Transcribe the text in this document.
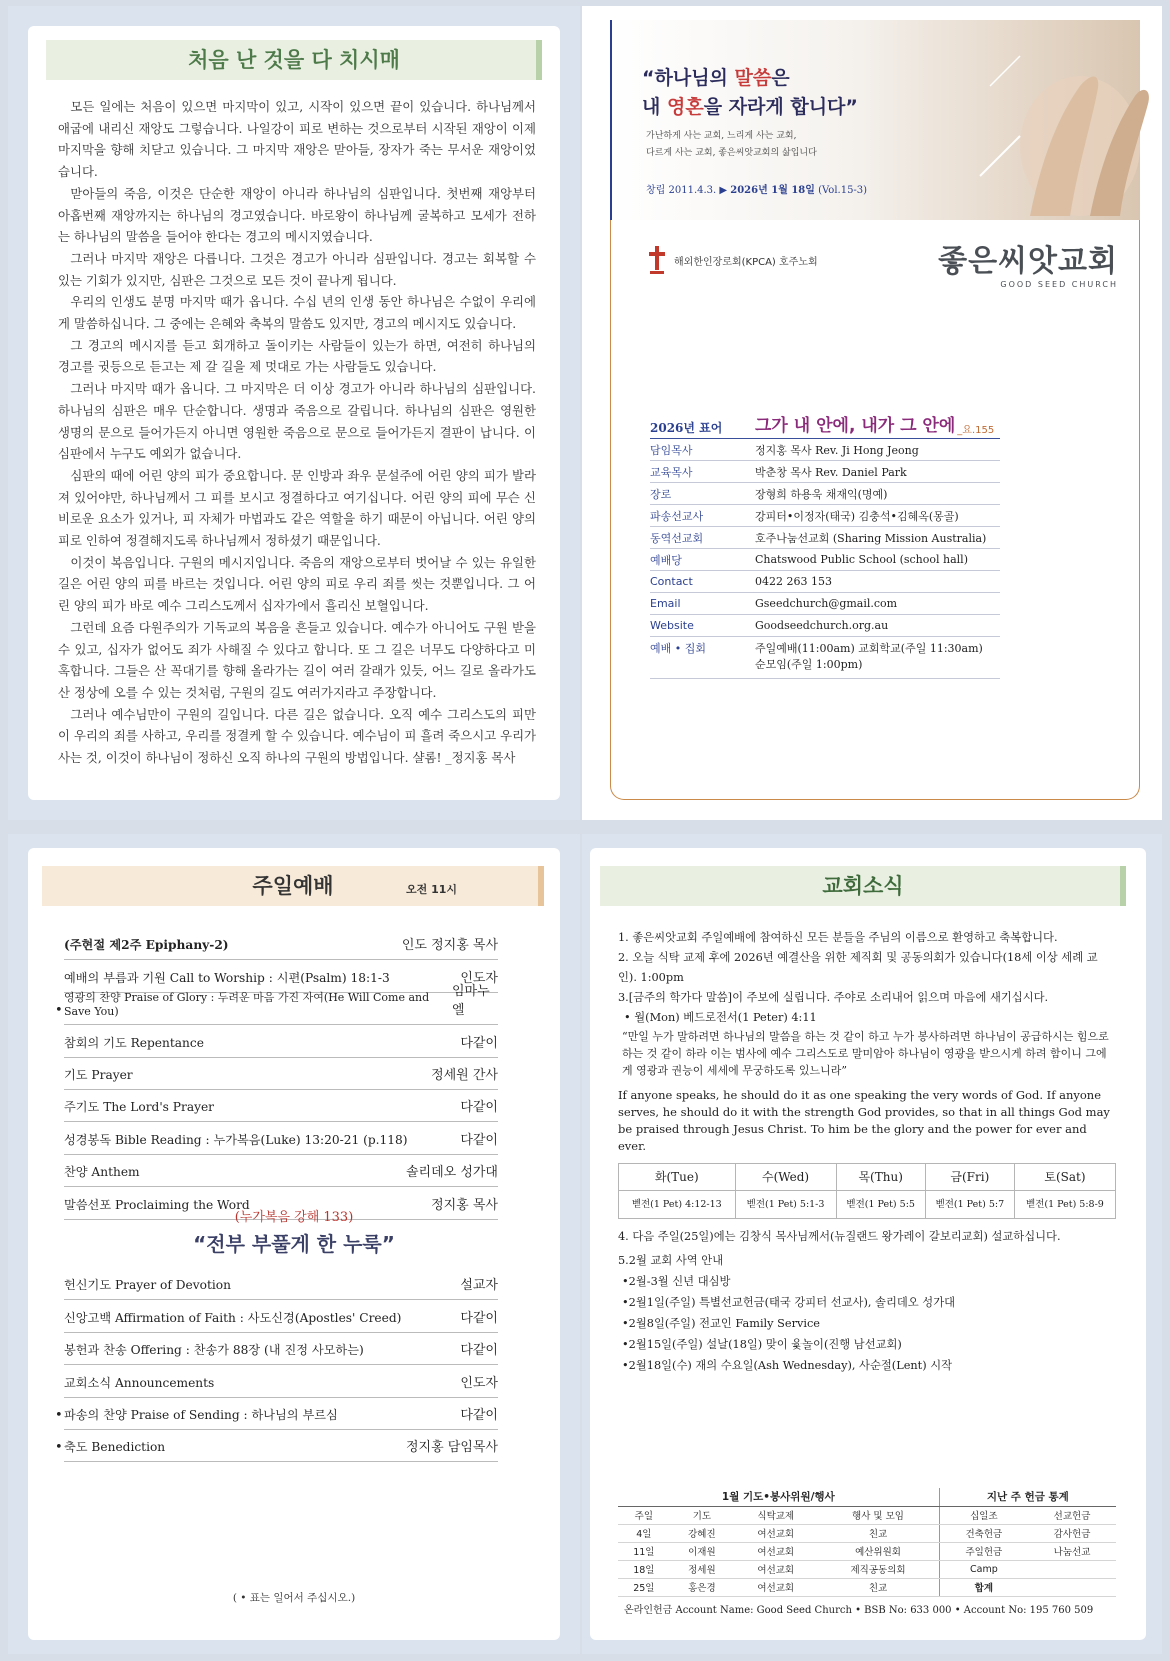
처음 난 것을 다 치시매

모든 일에는 처음이 있으면 마지막이 있고, 시작이 있으면 끝이 있습니다. 하나님께서 애굽에 내리신 재앙도 그렇습니다. 나일강이 피로 변하는 것으로부터 시작된 재앙이 이제 마지막을 향해 치닫고 있습니다. 그 마지막 재앙은 맏아들, 장자가 죽는 무서운 재앙이었습니다.

맏아들의 죽음, 이것은 단순한 재앙이 아니라 하나님의 심판입니다. 첫번째 재앙부터 아홉번째 재앙까지는 하나님의 경고였습니다. 바로왕이 하나님께 굴복하고 모세가 전하는 하나님의 말씀을 들어야 한다는 경고의 메시지였습니다.

그러나 마지막 재앙은 다릅니다. 그것은 경고가 아니라 심판입니다. 경고는 회복할 수 있는 기회가 있지만, 심판은 그것으로 모든 것이 끝나게 됩니다.

우리의 인생도 분명 마지막 때가 옵니다. 수십 년의 인생 동안 하나님은 수없이 우리에게 말씀하십니다. 그 중에는 은혜와 축복의 말씀도 있지만, 경고의 메시지도 있습니다.

그 경고의 메시지를 듣고 회개하고 돌이키는 사람들이 있는가 하면, 여전히 하나님의 경고를 귓등으로 듣고는 제 갈 길을 제 멋대로 가는 사람들도 있습니다.

그러나 마지막 때가 옵니다. 그 마지막은 더 이상 경고가 아니라 하나님의 심판입니다. 하나님의 심판은 매우 단순합니다. 생명과 죽음으로 갈립니다. 하나님의 심판은 영원한 생명의 문으로 들어가든지 아니면 영원한 죽음으로 문으로 들어가든지 결판이 납니다. 이 심판에서 누구도 예외가 없습니다.

심판의 때에 어린 양의 피가 중요합니다. 문 인방과 좌우 문설주에 어린 양의 피가 발라져 있어야만, 하나님께서 그 피를 보시고 정결하다고 여기십니다. 어린 양의 피에 무슨 신비로운 요소가 있거나, 피 자체가 마법과도 같은 역할을 하기 때문이 아닙니다. 어린 양의 피로 인하여 정결해지도록 하나님께서 정하셨기 때문입니다.

이것이 복음입니다. 구원의 메시지입니다. 죽음의 재앙으로부터 벗어날 수 있는 유일한 길은 어린 양의 피를 바르는 것입니다. 어린 양의 피로 우리 죄를 씻는 것뿐입니다. 그 어린 양의 피가 바로 예수 그리스도께서 십자가에서 흘리신 보혈입니다.

그런데 요즘 다원주의가 기독교의 복음을 흔들고 있습니다. 예수가 아니어도 구원 받을 수 있고, 십자가 없어도 죄가 사해질 수 있다고 합니다. 또 그 길은 너무도 다양하다고 미혹합니다. 그들은 산 꼭대기를 향해 올라가는 길이 여러 갈래가 있듯, 어느 길로 올라가도 산 정상에 오를 수 있는 것처럼, 구원의 길도 여러가지라고 주장합니다.

그러나 예수님만이 구원의 길입니다. 다른 길은 없습니다. 오직 예수 그리스도의 피만이 우리의 죄를 사하고, 우리를 정결케 할 수 있습니다. 예수님이 피 흘려 죽으시고 우리가 사는 것, 이것이 하나님이 정하신 오직 하나의 구원의 방법입니다. 샬롬! _정지홍 목사

“하나님의 말씀은
내 영혼을 자라게 합니다”
가난하게 사는 교회, 느리게 사는 교회,
다르게 사는 교회, 좋은씨앗교회의 삶입니다
창립 2011.4.3. ▶ 2026년 1월 18일 (Vol.15-3)
해외한인장로회(KPCA) 호주노회	좋은씨앗교회
GOOD SEED CHURCH
2026년 표어	그가 내 안에, 내가 그 안에 _요.155
담임목사	정지홍 목사 Rev. Ji Hong Jeong
교육목사	박춘창 목사 Rev. Daniel Park
장로	장형희 하용욱 채재익(명예)
파송선교사	강피터•이정자(태국) 김충석•김혜옥(몽골)
동역선교회	호주나눔선교회 (Sharing Mission Australia)
예배당	Chatswood Public School (school hall)
Contact	0422 263 153
Email	Gseedchurch@gmail.com
Website	Goodseedchurch.org.au
예배 • 집회	주일예배(11:00am) 교회학교(주일 11:30am)
순모임(주일 1:00pm)
주일예배	오전 11시
(주현절 제2주 Epiphany-2)	인도 정지홍 목사
예배의 부름과 기원 Call to Worship : 시편(Psalm) 18:1-3	인도자
• 영광의 찬양 Praise of Glory : 두려운 마음 가진 자여(He Will Come and Save You)
임마누엘
참회의 기도 Repentance	다같이
기도 Prayer	정세원 간사
주기도 The Lord's Prayer	다같이
성경봉독 Bible Reading : 누가복음(Luke) 13:20-21 (p.118)	다같이
찬양 Anthem	솔리데오 성가대
말씀선포 Proclaiming the Word	정지홍 목사
(누가복음 강해 133)
“전부 부풀게 한 누룩”
헌신기도 Prayer of Devotion	설교자
신앙고백 Affirmation of Faith : 사도신경(Apostles' Creed)	다같이
봉헌과 찬송 Offering : 찬송가 88장 (내 진정 사모하는)	다같이
교회소식 Announcements	인도자
• 파송의 찬양 Praise of Sending : 하나님의 부르심	다같이
• 축도 Benediction	정지홍 담임목사
( • 표는 일어서 주십시오.)
교회소식
1. 좋은씨앗교회 주일예배에 참여하신 모든 분들을 주님의 이름으로 환영하고 축복합니다.
2. 오늘 식탁 교제 후에 2026년 예결산을 위한 제직회 및 공동의회가 있습니다(18세 이상 세례 교인). 1:00pm
3.[금주의 학가다 말씀]이 주보에 실립니다. 주야로 소리내어 읽으며 마음에 새기십시다.
• 월(Mon) 베드로전서(1 Peter) 4:11
“만일 누가 말하려면 하나님의 말씀을 하는 것 같이 하고 누가 봉사하려면 하나님이 공급하시는 힘으로 하는 것 같이 하라 이는 범사에 예수 그리스도로 말미암아 하나님이 영광을 받으시게 하려 함이니 그에게 영광과 권능이 세세에 무궁하도록 있느니라”
If anyone speaks, he should do it as one speaking the very words of God. If anyone serves, he should do it with the strength God provides, so that in all things God may be praised through Jesus Christ. To him be the glory and the power for ever and ever.
화(Tue)	수(Wed)	목(Thu)	금(Fri)	토(Sat)
벧전(1 Pet) 4:12-13	벧전(1 Pet) 5:1-3	벧전(1 Pet) 5:5	벧전(1 Pet) 5:7	벧전(1 Pet) 5:8-9
4. 다음 주일(25일)에는 김창식 목사님께서(뉴질랜드 왕가레이 갈보리교회) 설교하십니다.
5.2월 교회 사역 안내
•2월-3월 신년 대심방
•2월1일(주일) 특별선교헌금(태국 강피터 선교사), 솔리데오 성가대
•2월8일(주일) 전교인 Family Service
•2월15일(주일) 설날(18일) 맞이 윷놀이(진행 남선교회)
•2월18일(수) 재의 수요일(Ash Wednesday), 사순절(Lent) 시작
1월 기도•봉사위원/행사				지난 주 헌금 통계	
주일	기도	식탁교제	행사 및 모임	십일조	선교헌금
4일	강혜진	여선교회	친교	건축헌금	감사헌금
11일	이재원	여선교회	예산위원회	주일헌금	나눔선교
18일	정세원	여선교회	제직공동의회	Camp	
25일	홍은경	여선교회	친교	합계	
온라인헌금 Account Name: Good Seed Church • BSB No: 633 000 • Account No: 195 760 509
